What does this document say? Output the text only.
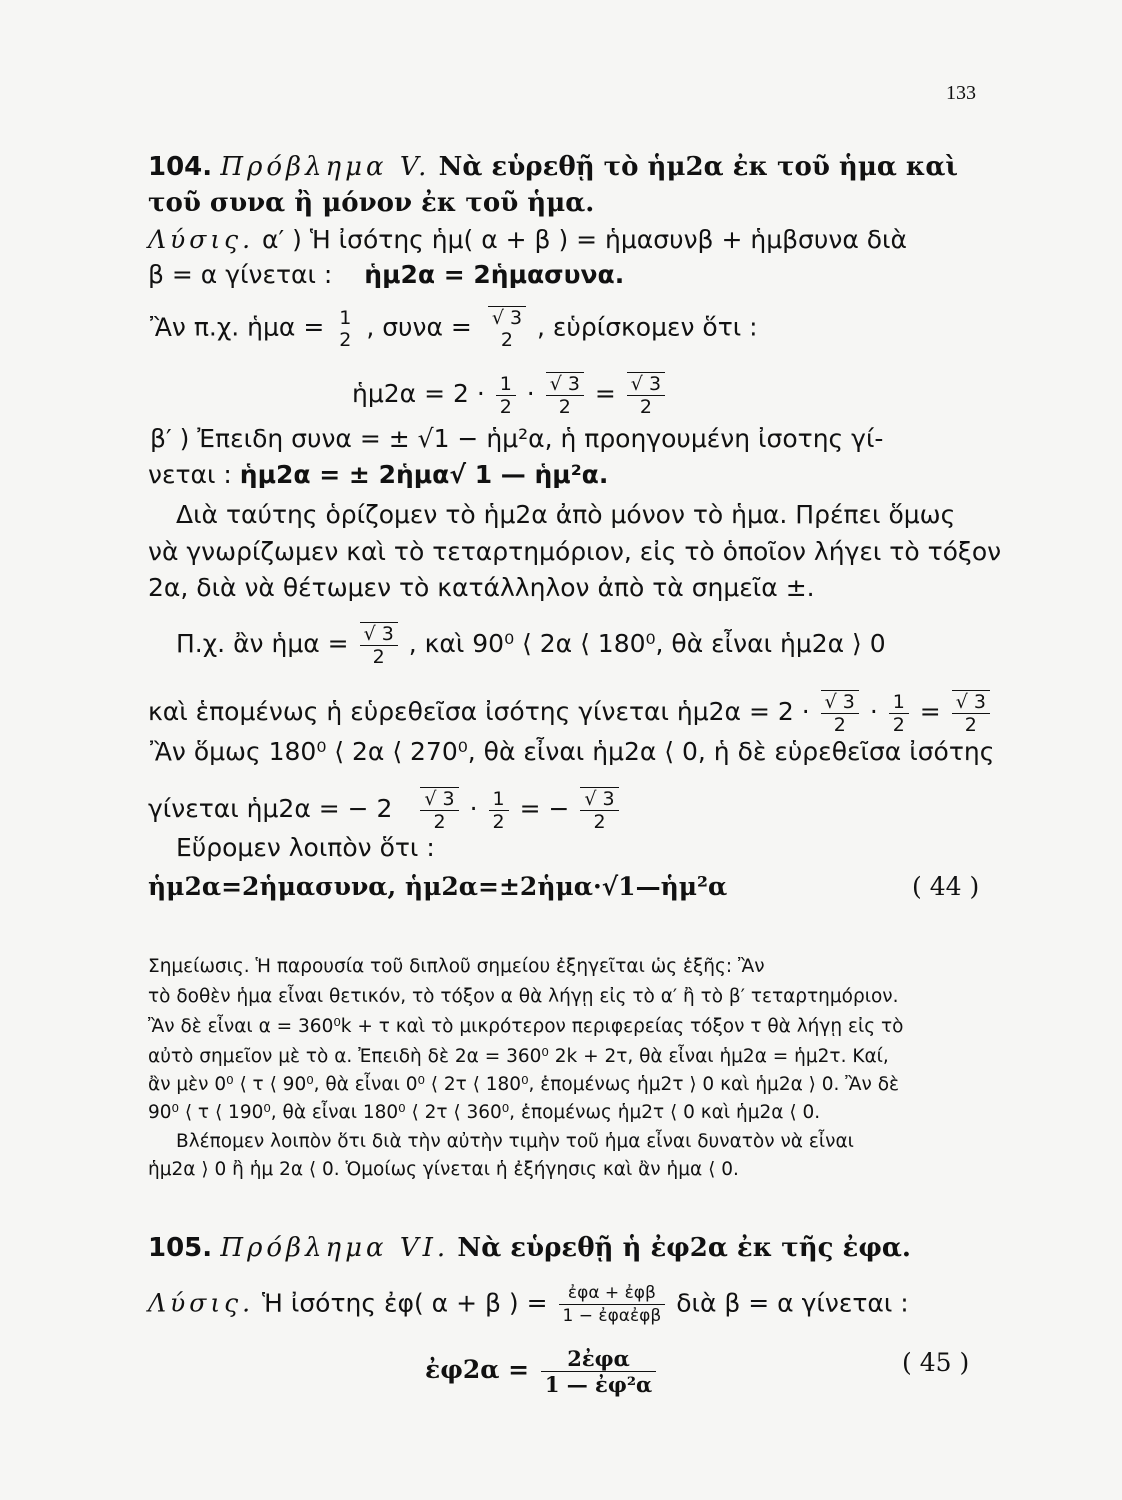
133
104. Πρόβλημα V. Νὰ εὑρεθῇ τὸ ἡμ2α ἐκ τοῦ ἡμα καὶ
τοῦ συνα ἢ μόνον ἐκ τοῦ ἡμα.
Λύσις. α′ ) Ἡ ἰσότης ἡμ( α + β ) = ἡμασυνβ + ἡμβσυνα διὰ
β = α γίνεται : ἡμ2α = 2ἡμασυνα.
Ἂν π.χ. ἡμα = 1
2 , συνα = √ 3
2 , εὑρίσκομεν ὅτι :
ἡμ2α = $2 \cdot \frac{1}{2} \cdot \frac{√ 3}{2} = \frac{√ 3}{2}$
β′ ) Ἐπειδη συνα = ± √1 − ἡμ²α, ἡ προηγουμένη ἰσοτης γί-
νεται : ἡμ2α = ± 2ἡμα√ 1 — ἡμ²α.
Διὰ ταύτης ὁρίζομεν τὸ ἡμ2α ἀπὸ μόνον τὸ ἡμα. Πρέπει ὅμως
νὰ γνωρίζωμεν καὶ τὸ τεταρτημόριον, εἰς τὸ ὁποῖον λήγει τὸ τόξον
2α, διὰ νὰ θέτωμεν τὸ κατάλληλον ἀπὸ τὰ σημεῖα ±.
Π.χ. ἂν ἡμα = $\frac{√ 3}{2}$ , καὶ 90⁰ ⟨ 2α ⟨ 180⁰, θὰ εἶναι ἡμ2α ⟩ 0
καὶ ἑπομένως ἡ εὑρεθεῖσα ἰσότης γίνεται ἡμ2α = $2 \cdot \frac{√ 3}{2} \cdot \frac{1}{2} = \frac{√ 3}{2}$
Ἂν ὅμως 180⁰ ⟨ 2α ⟨ 270⁰, θὰ εἶναι ἡμ2α ⟨ 0, ἡ δὲ εὑρεθεῖσα ἰσότης
γίνεται ἡμ2α = − $2 \frac{√ 3}{2} \cdot \frac{1}{2}$ = − $\frac{√ 3}{2}$
Εὕρομεν λοιπὸν ὅτι :
ἡμ2α=2ἡμασυνα, ἡμ2α=±2ἡμα·√1—ἡμ²α	( 44 )
Σημείωσις. Ἡ παρουσία τοῦ διπλοῦ σημείου ἐξηγεῖται ὡς ἑξῆς: Ἂν
τὸ δοθὲν ἡμα εἶναι θετικόν, τὸ τόξον α θὰ λήγῃ εἰς τὸ α′ ἢ τὸ β′ τεταρτημόριον.
Ἂν δὲ εἶναι α = 360⁰k + τ καὶ τὸ μικρότερον περιφερείας τόξον τ θὰ λήγῃ εἰς τὸ
αὐτὸ σημεῖον μὲ τὸ α. Ἐπειδὴ δὲ 2α = 360⁰ 2k + 2τ, θὰ εἶναι ἡμ2α = ἡμ2τ. Καί,
ἂν μὲν 0⁰ ⟨ τ ⟨ 90⁰, θὰ εἶναι 0⁰ ⟨ 2τ ⟨ 180⁰, ἑπομένως ἡμ2τ ⟩ 0 καὶ ἡμ2α ⟩ 0. Ἂν δὲ
90⁰ ⟨ τ ⟨ 190⁰, θὰ εἶναι 180⁰ ⟨ 2τ ⟨ 360⁰, ἑπομένως ἡμ2τ ⟨ 0 καὶ ἡμ2α ⟨ 0.
Βλέπομεν λοιπὸν ὅτι διὰ τὴν αὐτὴν τιμὴν τοῦ ἡμα εἶναι δυνατὸν νὰ εἶναι
ἡμ2α ⟩ 0 ἢ ἡμ 2α ⟨ 0. Ὁμοίως γίνεται ἡ ἐξήγησις καὶ ἂν ἡμα ⟨ 0.
105. Πρόβλημα VI. Νὰ εὑρεθῇ ἡ ἐφ2α ἐκ τῆς ἐφα.
Λύσις. Ἡ ἰσότης ἐφ( α + β ) = $\frac{\text{ἐφα + ἐφβ}}{\text{1 − ἐφαἐφβ}}$ διὰ β = α γίνεται :
ἐφ2α = $\frac{\text{2ἐφα}}{\text{1 — ἐφ²α}}$	( 45 )
